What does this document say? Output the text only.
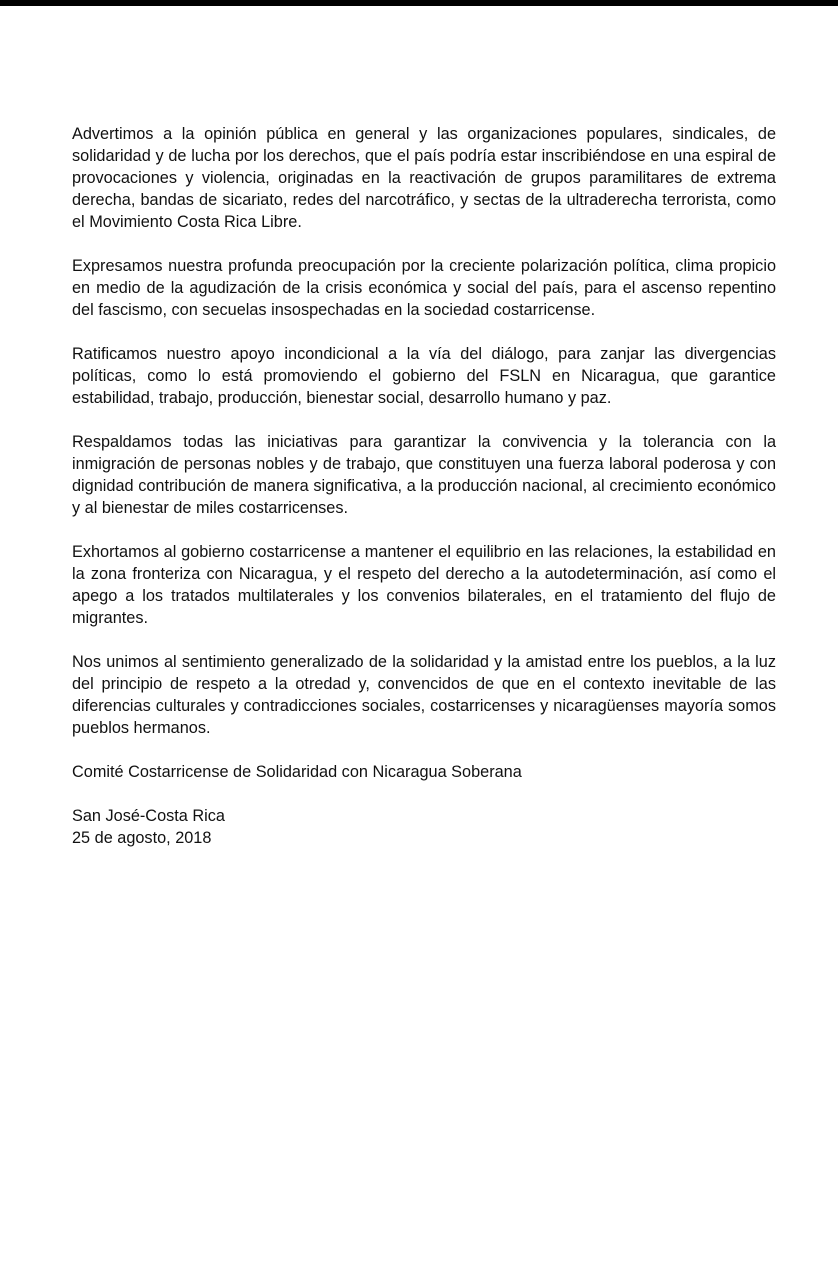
Advertimos a la opinión pública en general y las organizaciones populares, sindicales, de solidaridad y de lucha por los derechos, que el país podría estar inscribiéndose en una espiral de provocaciones y violencia, originadas en la reactivación de grupos paramilitares de extrema derecha, bandas de sicariato, redes del narcotráfico, y sectas de la ultraderecha terrorista, como el Movimiento Costa Rica Libre.

Expresamos nuestra profunda preocupación por la creciente polarización política, clima propicio en medio de la agudización de la crisis económica y social del país, para el ascenso repentino del fascismo, con secuelas insospechadas en la sociedad costarricense.

Ratificamos nuestro apoyo incondicional a la vía del diálogo, para zanjar las divergencias políticas, como lo está promoviendo el gobierno del FSLN en Nicaragua, que garantice estabilidad, trabajo, producción, bienestar social, desarrollo humano y paz.

Respaldamos todas las iniciativas para garantizar la convivencia y la tolerancia con la inmigración de personas nobles y de trabajo, que constituyen una fuerza laboral poderosa y con dignidad contribución de manera significativa, a la producción nacional, al crecimiento económico y al bienestar de miles costarricenses.

Exhortamos al gobierno costarricense a mantener el equilibrio en las relaciones, la estabilidad en la zona fronteriza con Nicaragua, y el respeto del derecho a la autodeterminación, así como el apego a los tratados multilaterales y los convenios bilaterales, en el tratamiento del flujo de migrantes.

Nos unimos al sentimiento generalizado de la solidaridad y la amistad entre los pueblos, a la luz del principio de respeto a la otredad y, convencidos de que en el contexto inevitable de las diferencias culturales y contradicciones sociales, costarricenses y nicaragüenses mayoría somos pueblos hermanos.

Comité Costarricense de Solidaridad con Nicaragua Soberana

San José-Costa Rica
25 de agosto, 2018
